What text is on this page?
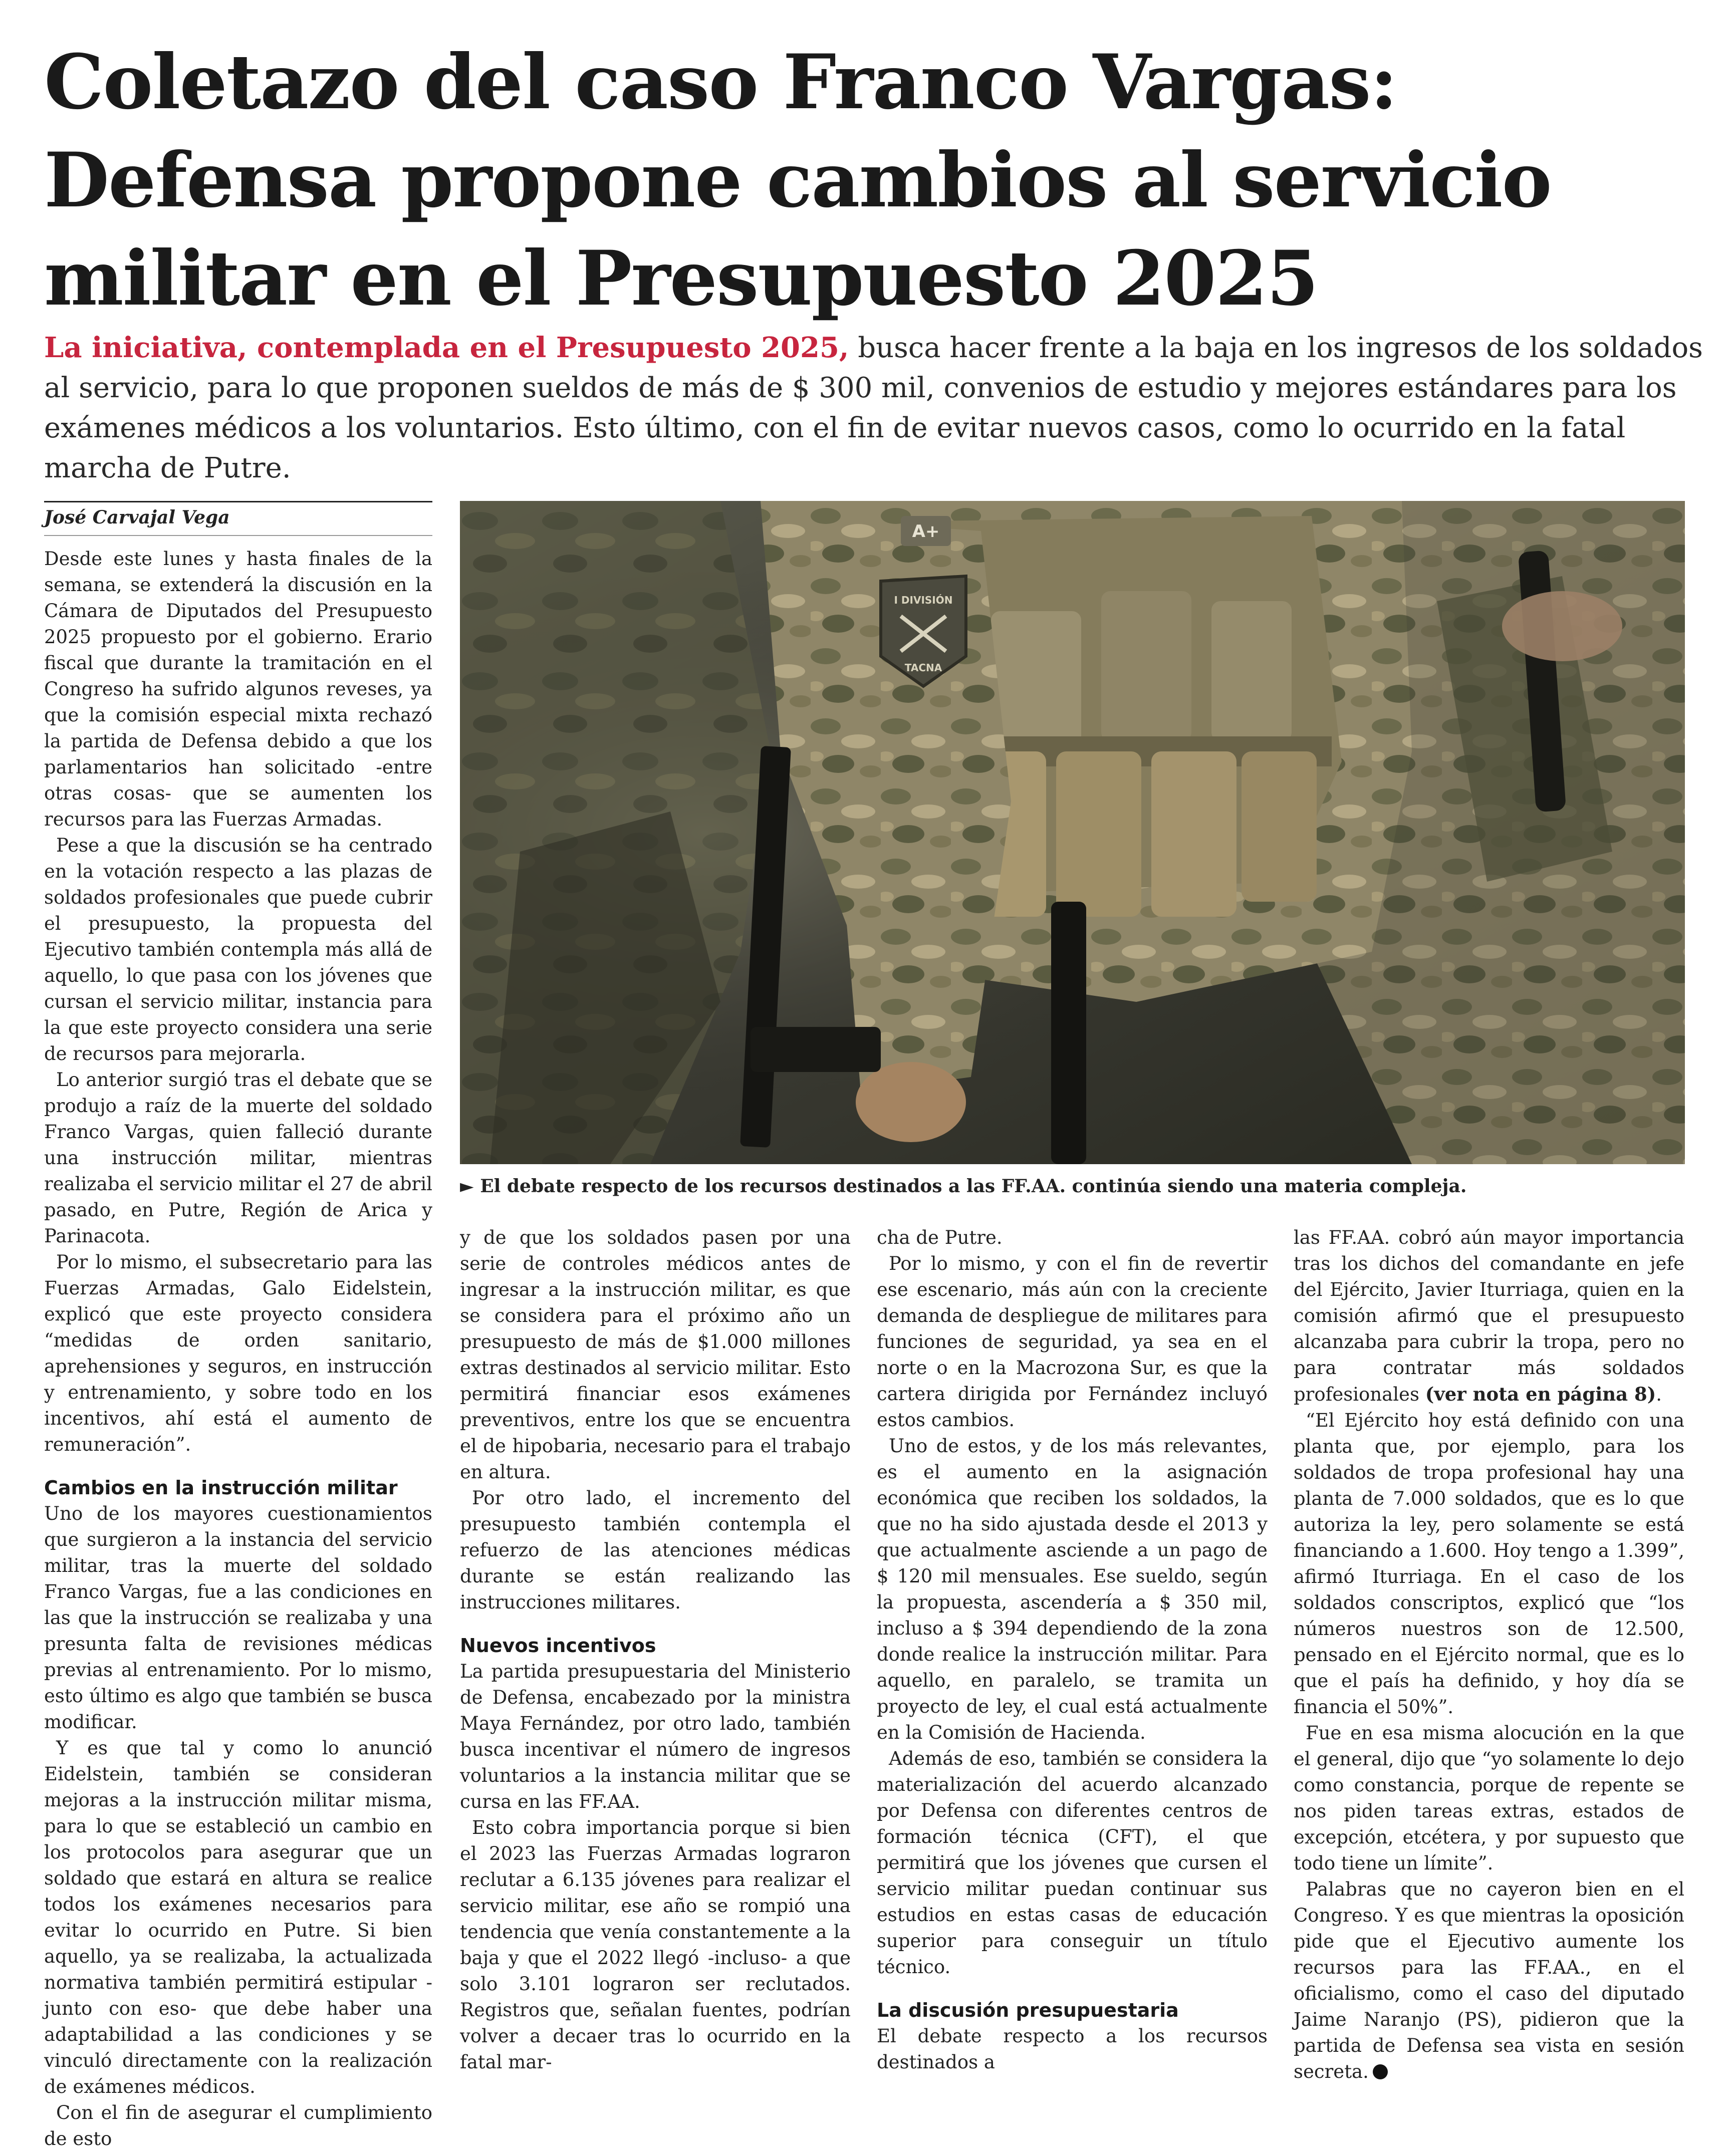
Coletazo del caso Franco Vargas:
Defensa propone cambios al servicio
militar en el Presupuesto 2025
La iniciativa, contemplada en el Presupuesto 2025, busca hacer frente a la baja en los ingresos de los soldados al servicio, para lo que proponen sueldos de más de $ 300 mil, convenios de estudio y mejores estándares para los exámenes médicos a los voluntarios. Esto último, con el fin de evitar nuevos casos, como lo ocurrido en la fatal marcha de Putre.
José Carvajal Vega

Desde este lunes y hasta finales de la semana, se extenderá la discusión en la Cámara de Diputados del Presupuesto 2025 propuesto por el gobierno. Erario fiscal que durante la tramitación en el Congreso ha sufrido algunos reveses, ya que la comisión especial mixta rechazó la partida de Defensa debido a que los parlamentarios han solicitado -entre otras cosas- que se aumenten los recursos para las Fuerzas Armadas.

Pese a que la discusión se ha centrado en la votación respecto a las plazas de soldados profesionales que puede cubrir el presupuesto, la propuesta del Ejecutivo también contempla más allá de aquello, lo que pasa con los jóvenes que cursan el servicio militar, instancia para la que este proyecto considera una serie de recursos para mejorarla.

Lo anterior surgió tras el debate que se produjo a raíz de la muerte del soldado Franco Vargas, quien falleció durante una instrucción militar, mientras realizaba el servicio militar el 27 de abril pasado, en Putre, Región de Arica y Parinacota.

Por lo mismo, el subsecretario para las Fuerzas Armadas, Galo Eidelstein, explicó que este proyecto considera “medidas de orden sanitario, aprehensiones y seguros, en instrucción y entrenamiento, y sobre todo en los incentivos, ahí está el aumento de remuneración”.

Cambios en la instrucción militar

Uno de los mayores cuestionamientos que surgieron a la instancia del servicio militar, tras la muerte del soldado Franco Vargas, fue a las condiciones en las que la instrucción se realizaba y una presunta falta de revisiones médicas previas al entrenamiento. Por lo mismo, esto último es algo que también se busca modificar.

Y es que tal y como lo anunció Eidelstein, también se consideran mejoras a la instrucción militar misma, para lo que se estableció un cambio en los protocolos para asegurar que un soldado que estará en altura se realice todos los exámenes necesarios para evitar lo ocurrido en Putre. Si bien aquello, ya se realizaba, la actualizada normativa también permitirá estipular -junto con eso- que debe haber una adaptabilidad a las condiciones y se vinculó directamente con la realización de exámenes médicos.

Con el fin de asegurar el cumplimiento de esto

A+
I DIVISIÓN
TACNA
► El debate respecto de los recursos destinados a las FF.AA. continúa siendo una materia compleja.

y de que los soldados pasen por una serie de controles médicos antes de ingresar a la instrucción militar, es que se considera para el próximo año un presupuesto de más de $1.000 millones extras destinados al servicio militar. Esto permitirá financiar esos exámenes preventivos, entre los que se encuentra el de hipobaria, necesario para el trabajo en altura.

Por otro lado, el incremento del presupuesto también contempla el refuerzo de las atenciones médicas durante se están realizando las instrucciones militares.

Nuevos incentivos

La partida presupuestaria del Ministerio de Defensa, encabezado por la ministra Maya Fernández, por otro lado, también busca incentivar el número de ingresos voluntarios a la instancia militar que se cursa en las FF.AA.

Esto cobra importancia porque si bien el 2023 las Fuerzas Armadas lograron reclutar a 6.135 jóvenes para realizar el servicio militar, ese año se rompió una tendencia que venía constantemente a la baja y que el 2022 llegó -incluso- a que solo 3.101 lograron ser reclutados. Registros que, señalan fuentes, podrían volver a decaer tras lo ocurrido en la fatal mar-

cha de Putre.

Por lo mismo, y con el fin de revertir ese escenario, más aún con la creciente demanda de despliegue de militares para funciones de seguridad, ya sea en el norte o en la Macrozona Sur, es que la cartera dirigida por Fernández incluyó estos cambios.

Uno de estos, y de los más relevantes, es el aumento en la asignación económica que reciben los soldados, la que no ha sido ajustada desde el 2013 y que actualmente asciende a un pago de $ 120 mil mensuales. Ese sueldo, según la propuesta, ascendería a $ 350 mil, incluso a $ 394 dependiendo de la zona donde realice la instrucción militar. Para aquello, en paralelo, se tramita un proyecto de ley, el cual está actualmente en la Comisión de Hacienda.

Además de eso, también se considera la materialización del acuerdo alcanzado por Defensa con diferentes centros de formación técnica (CFT), el que permitirá que los jóvenes que cursen el servicio militar puedan continuar sus estudios en estas casas de educación superior para conseguir un título técnico.

La discusión presupuestaria

El debate respecto a los recursos destinados a

las FF.AA. cobró aún mayor importancia tras los dichos del comandante en jefe del Ejército, Javier Iturriaga, quien en la comisión afirmó que el presupuesto alcanzaba para cubrir la tropa, pero no para contratar más soldados profesionales (ver nota en página 8).

“El Ejército hoy está definido con una planta que, por ejemplo, para los soldados de tropa profesional hay una planta de 7.000 soldados, que es lo que autoriza la ley, pero solamente se está financiando a 1.600. Hoy tengo a 1.399”, afirmó Iturriaga. En el caso de los soldados conscriptos, explicó que “los números nuestros son de 12.500, pensado en el Ejército normal, que es lo que el país ha definido, y hoy día se financia el 50%”.

Fue en esa misma alocución en la que el general, dijo que “yo solamente lo dejo como constancia, porque de repente se nos piden tareas extras, estados de excepción, etcétera, y por supuesto que todo tiene un límite”.

Palabras que no cayeron bien en el Congreso. Y es que mientras la oposición pide que el Ejecutivo aumente los recursos para las FF.AA., en el oficialismo, como el caso del diputado Jaime Naranjo (PS), pidieron que la partida de Defensa sea vista en sesión secreta.
